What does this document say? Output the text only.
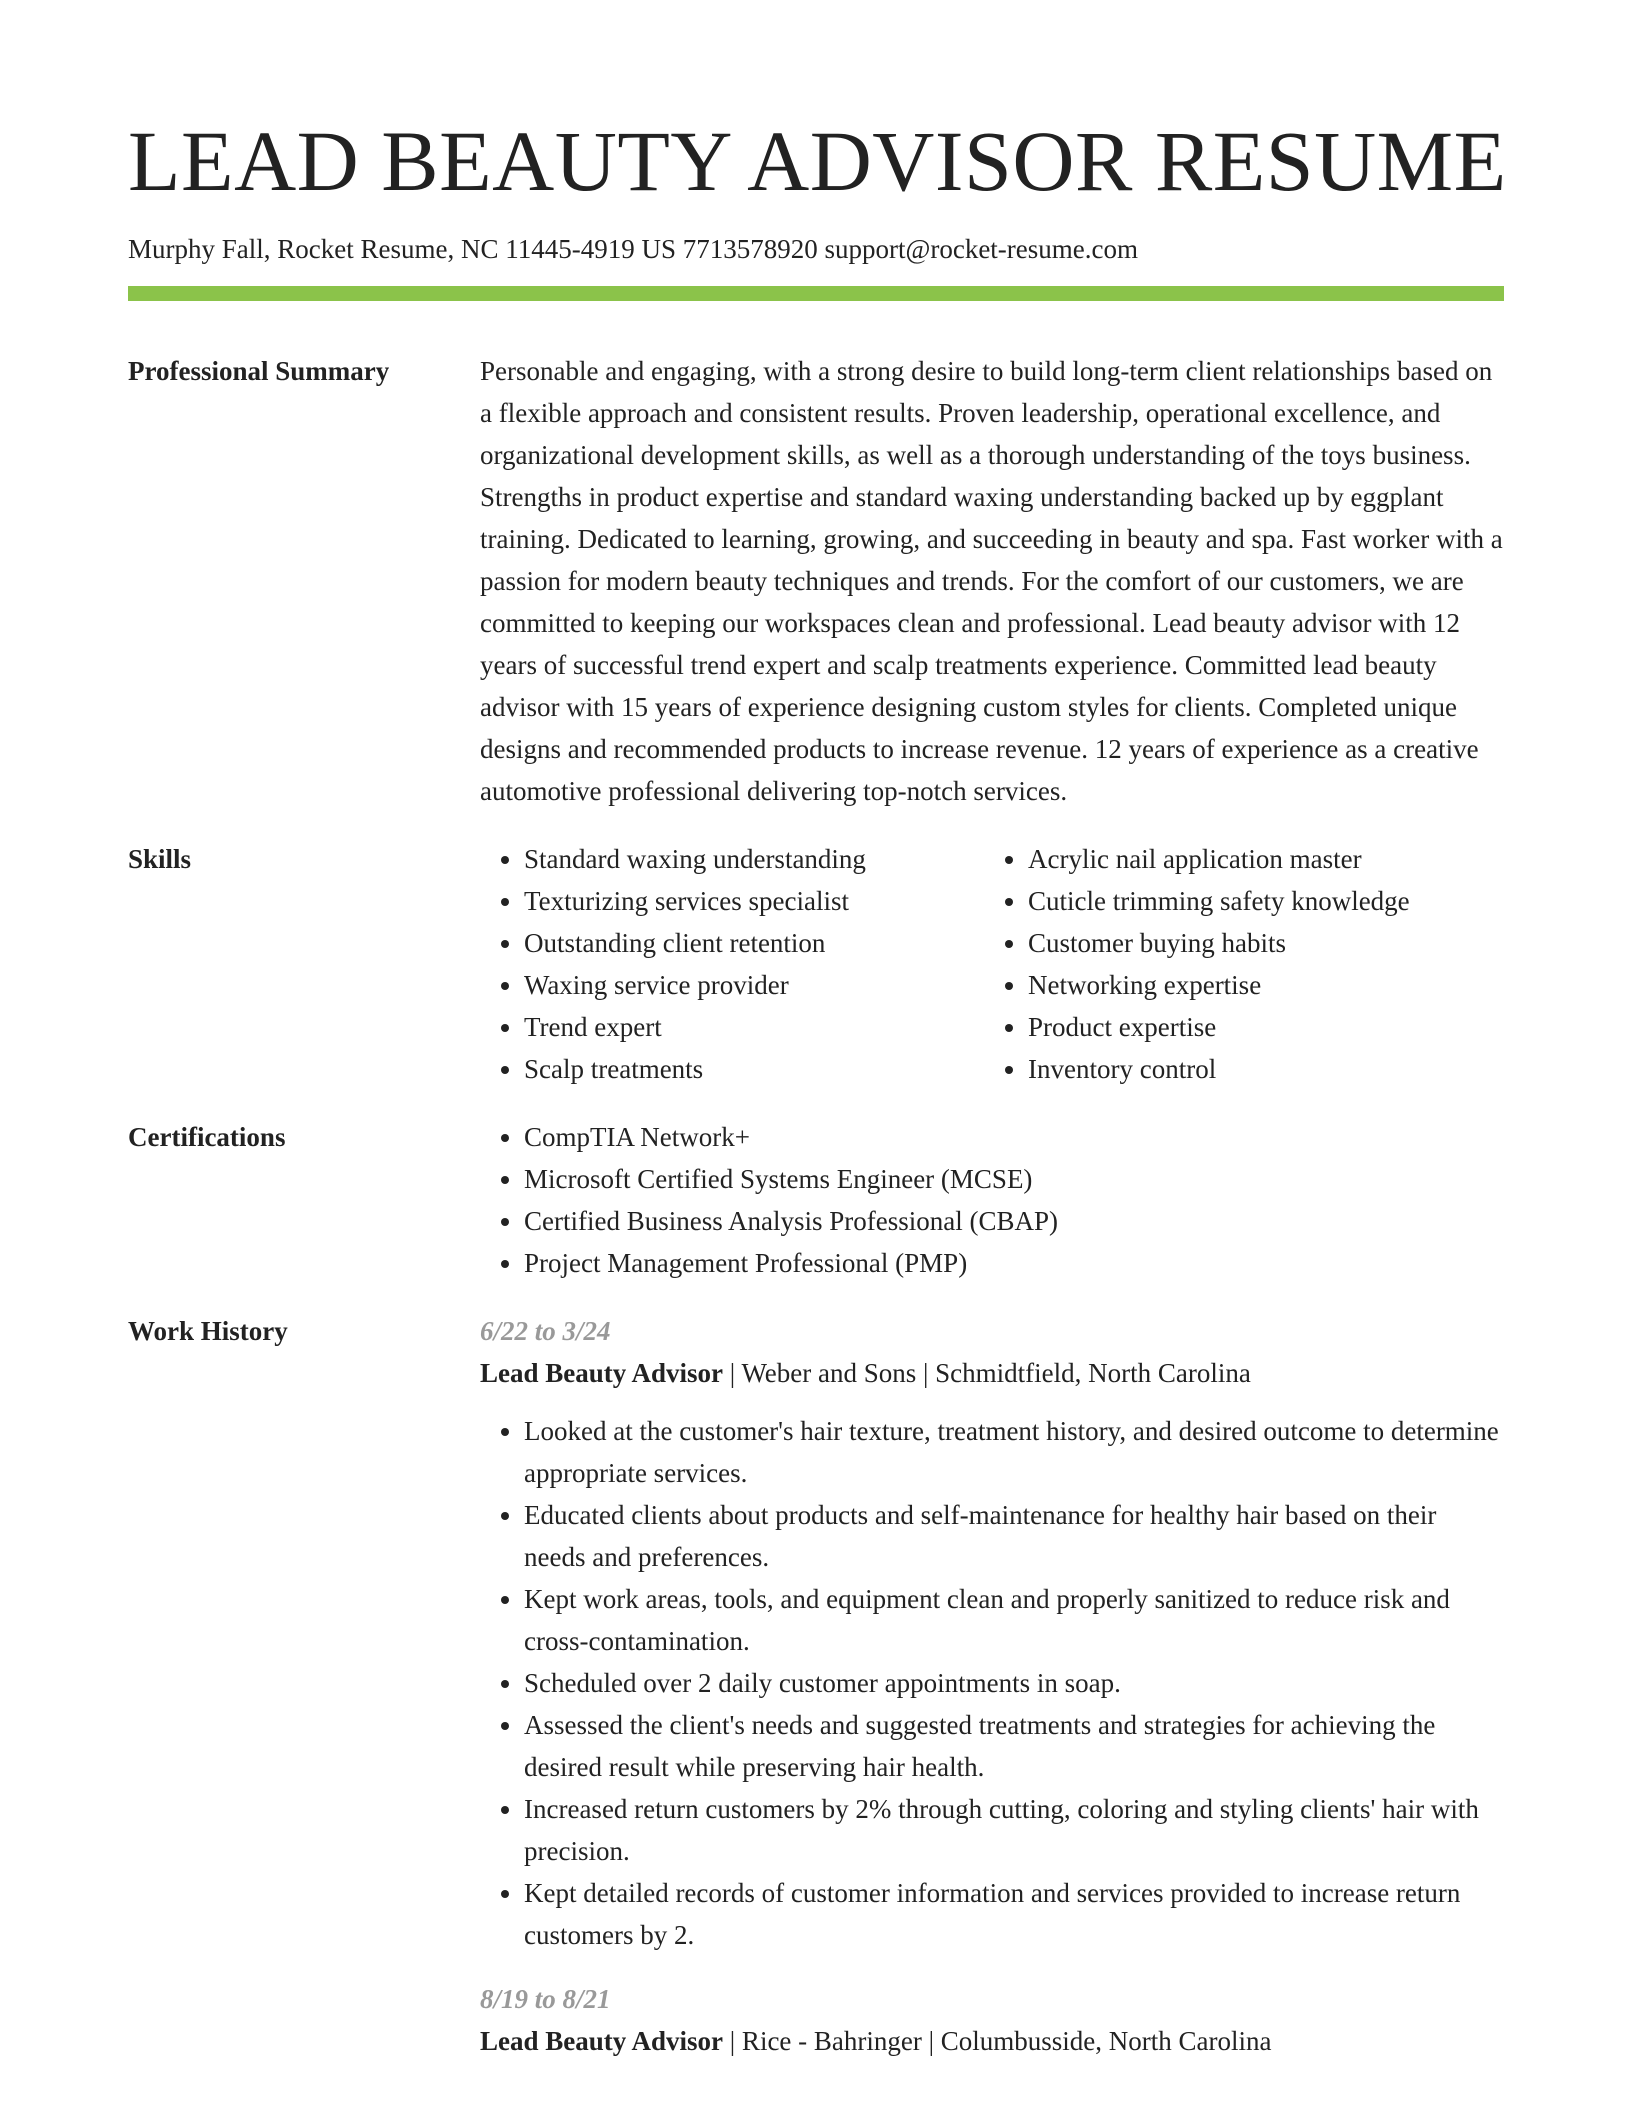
LEAD BEAUTY ADVISOR RESUME
Murphy Fall, Rocket Resume, NC 11445-4919 US 7713578920 support@rocket-resume.com
Professional Summary	Personable and engaging, with a strong desire to build long-term client relationships based on a flexible approach and consistent results. Proven leadership, operational excellence, and organizational development skills, as well as a thorough understanding of the toys business. Strengths in product expertise and standard waxing understanding backed up by eggplant training. Dedicated to learning, growing, and succeeding in beauty and spa. Fast worker with a passion for modern beauty techniques and trends. For the comfort of our customers, we are committed to keeping our workspaces clean and professional. Lead beauty advisor with 12 years of successful trend expert and scalp treatments experience. Committed lead beauty advisor with 15 years of experience designing custom styles for clients. Completed unique designs and recommended products to increase revenue. 12 years of experience as a creative automotive professional delivering top-notch services.

Skills	• Standard waxing understanding
• Texturizing services specialist
• Outstanding client retention
• Waxing service provider
• Trend expert
• Scalp treatments
• Acrylic nail application master
• Cuticle trimming safety knowledge
• Customer buying habits
• Networking expertise
• Product expertise
• Inventory control
Certifications	• CompTIA Network+
• Microsoft Certified Systems Engineer (MCSE)
• Certified Business Analysis Professional (CBAP)
• Project Management Professional (PMP)
Work History	6/22 to 3/24
Lead Beauty Advisor | Weber and Sons | Schmidtfield, North Carolina
• Looked at the customer's hair texture, treatment history, and desired outcome to determine appropriate services.
• Educated clients about products and self-maintenance for healthy hair based on their needs and preferences.
• Kept work areas, tools, and equipment clean and properly sanitized to reduce risk and cross-contamination.
• Scheduled over 2 daily customer appointments in soap.
• Assessed the client's needs and suggested treatments and strategies for achieving the desired result while preserving hair health.
• Increased return customers by 2% through cutting, coloring and styling clients' hair with precision.
• Kept detailed records of customer information and services provided to increase return customers by 2.
8/19 to 8/21
Lead Beauty Advisor | Rice - Bahringer | Columbusside, North Carolina
